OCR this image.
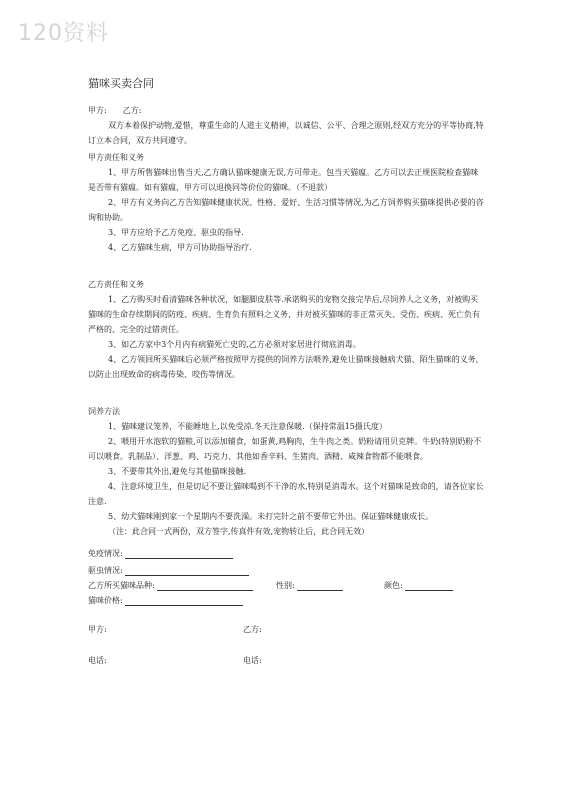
120资料
猫咪买卖合同

甲方:　　乙方:

双方本着保护动物,爱惜，尊重生命的人道主义精神，以诚信、公平、合理之原则,经双方充分的平等协商,特订立本合同，双方共同遵守。

甲方责任和义务

1、甲方所售猫咪出售当天,乙方确认猫咪健康无误,方可带走。包当天猫瘟。乙方可以去正规医院检查猫咪是否带有猫瘟。如有猫瘟，甲方可以退换同等价位的猫咪。（不退款）

2、甲方有义务向乙方告知猫咪健康状况、性格、爱好、生活习惯等情况,为乙方饲养购买猫咪提供必要的咨询和协助。

3、甲方应给予乙方免疫、驱虫的指导.

4、乙方猫咪生病，甲方可协助指导治疗.

乙方责任和义务

1、乙方购买时看清猫咪各种状况，如腿脚皮肤等.承诺购买的宠物交接完毕后,尽饲养人之义务，对被购买猫咪的生命存续期间的防疫、疾病、生育负有照料之义务，并对被买猫咪的非正常灭失、受伤、疾病、死亡负有严格的、完全的过错责任。

3、如乙方家中3个月内有病猫死亡史的,乙方必须对家居进行彻底消毒。

4、乙方领回所买猫咪后必须严格按照甲方提供的饲养方法喂养,避免让猫咪接触病犬猫、陌生猫咪的义务，以防止出现致命的病毒传染、咬伤等情况。

饲养方法

1、猫咪建议笼养，不能睡地上,以免受凉.冬天注意保暖.（保持常温15摄氏度）

2、喂用开水泡软的猫粮,可以添加辅食，如蛋黄,鸡胸肉，生牛肉之类。奶粉请用贝克牌。牛奶(特别奶粉不可以喂食。乳制品）、洋葱、鸡、巧克力、其他如香辛料、生猪肉、酒精、咸辣食物都不能喂食。

3、不要带其外出,避免与其他猫咪接触.

4、注意环境卫生，但是切记不要让猫咪喝到不干净的水,特别是消毒水。这个对猫咪是致命的，请各位家长注意.

5、幼犬猫咪刚到家一个星期内不要洗澡。未打完针之前不要带它外出。保证猫咪健康成长。

（注：此合同一式两份，双方签字,传真件有效,宠物转让后，此合同无效）

免疫情况:
驱虫情况:
乙方所买猫咪品种:	性别:	颜色:
猫咪价格:
甲方:	乙方:
电话:	电话:
